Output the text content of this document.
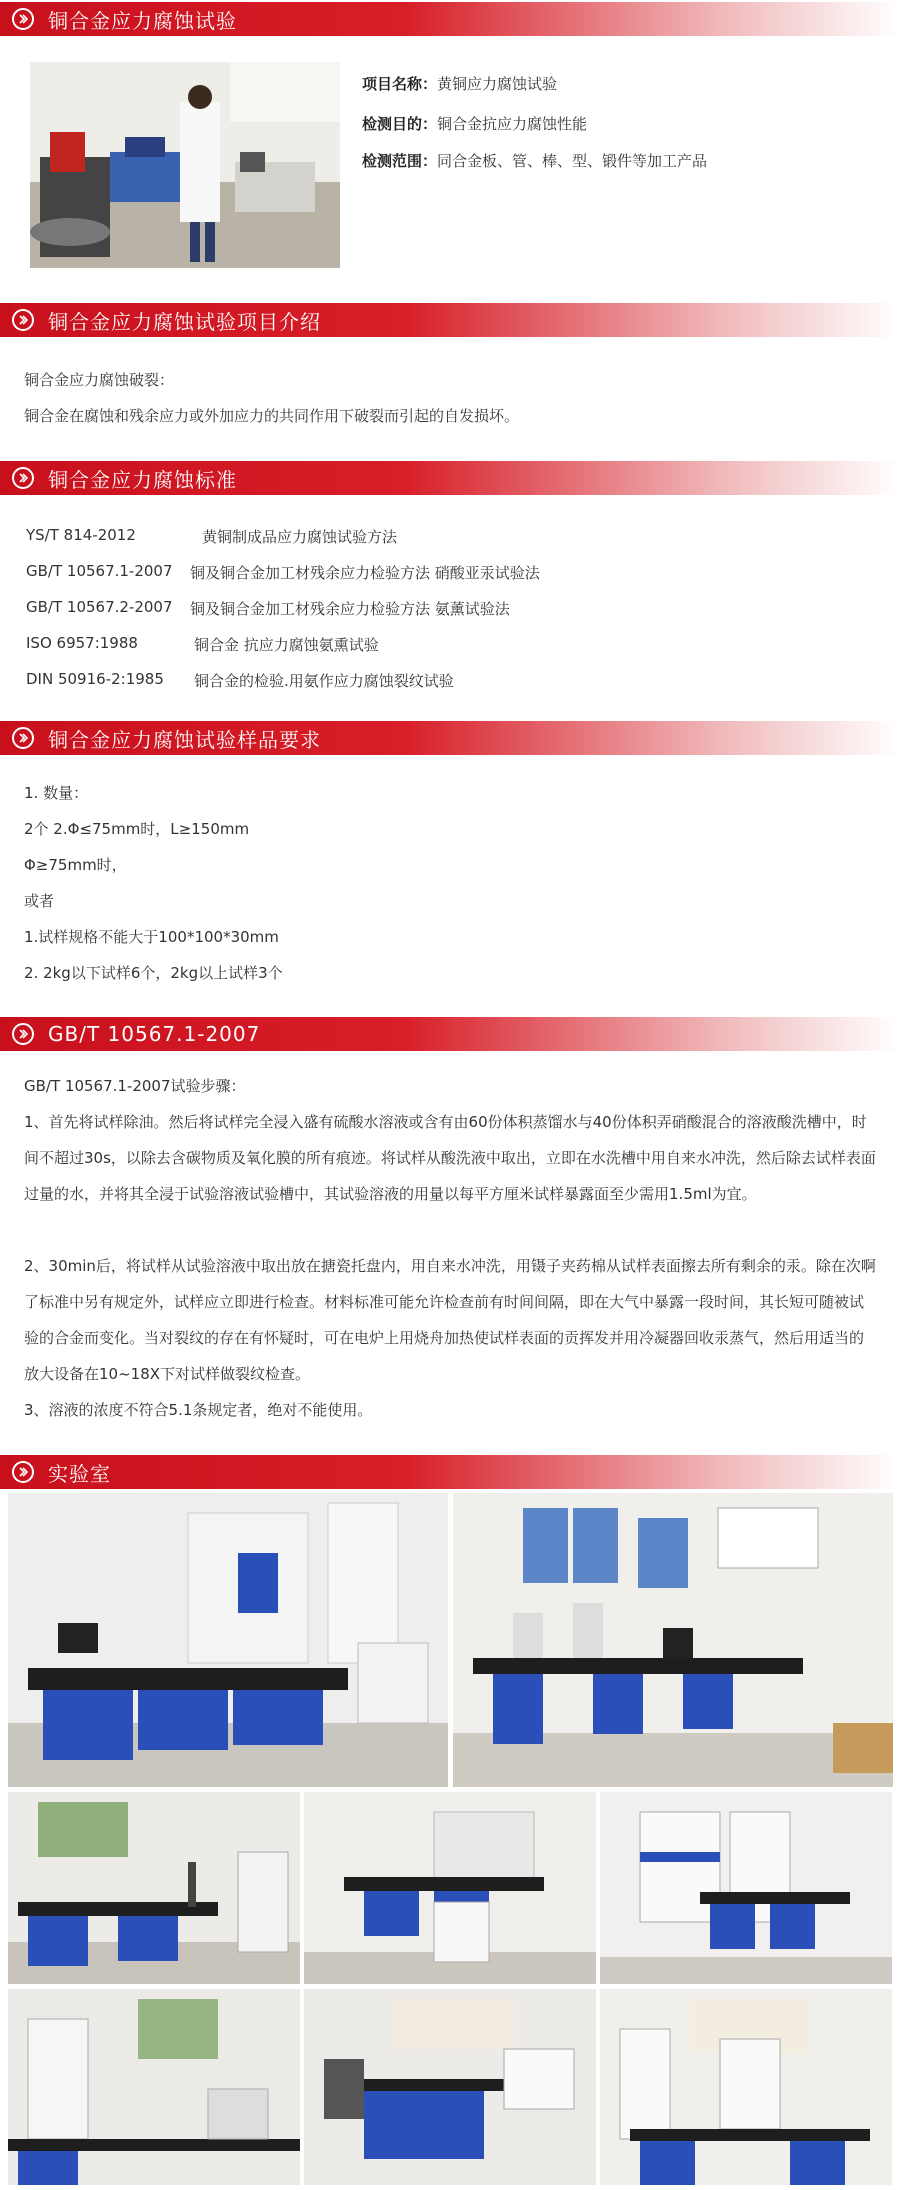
铜合金应力腐蚀试验
项目名称：黄铜应力腐蚀试验
检测目的：铜合金抗应力腐蚀性能
检测范围：同合金板、管、棒、型、锻件等加工产品
铜合金应力腐蚀试验项目介绍
铜合金应力腐蚀破裂：
铜合金在腐蚀和残余应力或外加应力的共同作用下破裂而引起的自发损坏。
铜合金应力腐蚀标准
YS/T 814-2012	黄铜制成品应力腐蚀试验方法
GB/T 10567.1-2007 铜及铜合金加工材残余应力检验方法 硝酸亚汞试验法
GB/T 10567.2-2007 铜及铜合金加工材残余应力检验方法 氨薰试验法
ISO 6957:1988	铜合金 抗应力腐蚀氨熏试验
DIN 50916-2:1985 铜合金的检验.用氨作应力腐蚀裂纹试验
铜合金应力腐蚀试验样品要求
1. 数量：
2个 2.Φ≤75mm时，L≥150mm
Φ≥75mm时，
或者
1.试样规格不能大于100*100*30mm
2. 2kg以下试样6个，2kg以上试样3个
GB/T 10567.1-2007
GB/T 10567.1-2007试验步骤：
1、首先将试样除油。然后将试样完全浸入盛有硫酸水溶液或含有由60份体积蒸馏水与40份体积弄硝酸混合的溶液酸洗槽中，时间不超过30s，以除去含碳物质及氧化膜的所有痕迹。将试样从酸洗液中取出，立即在水洗槽中用自来水冲洗，然后除去试样表面过量的水，并将其全浸于试验溶液试验槽中，其试验溶液的用量以每平方厘米试样暴露面至少需用1.5ml为宜。
2、30min后，将试样从试验溶液中取出放在搪瓷托盘内，用自来水冲洗，用镊子夹药棉从试样表面擦去所有剩余的汞。除在次啊了标准中另有规定外，试样应立即进行检查。材料标准可能允许检查前有时间间隔，即在大气中暴露一段时间，其长短可随被试验的合金而变化。当对裂纹的存在有怀疑时，可在电炉上用烧舟加热使试样表面的贡挥发并用冷凝器回收汞蒸气，然后用适当的放大设备在10~18X下对试样做裂纹检查。
3、溶液的浓度不符合5.1条规定者，绝对不能使用。
实验室
